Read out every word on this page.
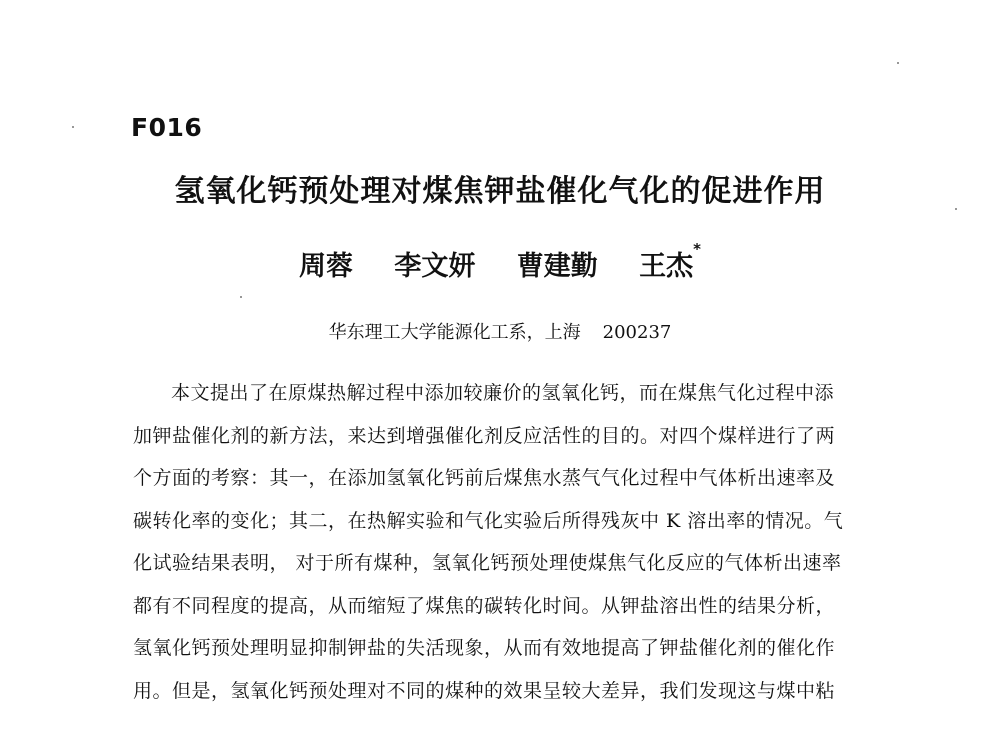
F016
氢氧化钙预处理对煤焦钾盐催化气化的促进作用
周蓉 李文妍 曹建勤 王杰*
华东理工大学能源化工系，上海 200237
本文提出了在原煤热解过程中添加较廉价的氢氧化钙，而在煤焦气化过程中添
加钾盐催化剂的新方法，来达到增强催化剂反应活性的目的。对四个煤样进行了两
个方面的考察：其一，在添加氢氧化钙前后煤焦水蒸气气化过程中气体析出速率及
碳转化率的变化；其二，在热解实验和气化实验后所得残灰中 K 溶出率的情况。气
化试验结果表明， 对于所有煤种，氢氧化钙预处理使煤焦气化反应的气体析出速率
都有不同程度的提高，从而缩短了煤焦的碳转化时间。从钾盐溶出性的结果分析，
氢氧化钙预处理明显抑制钾盐的失活现象，从而有效地提高了钾盐催化剂的催化作
用。但是，氢氧化钙预处理对不同的煤种的效果呈较大差异，我们发现这与煤中粘
